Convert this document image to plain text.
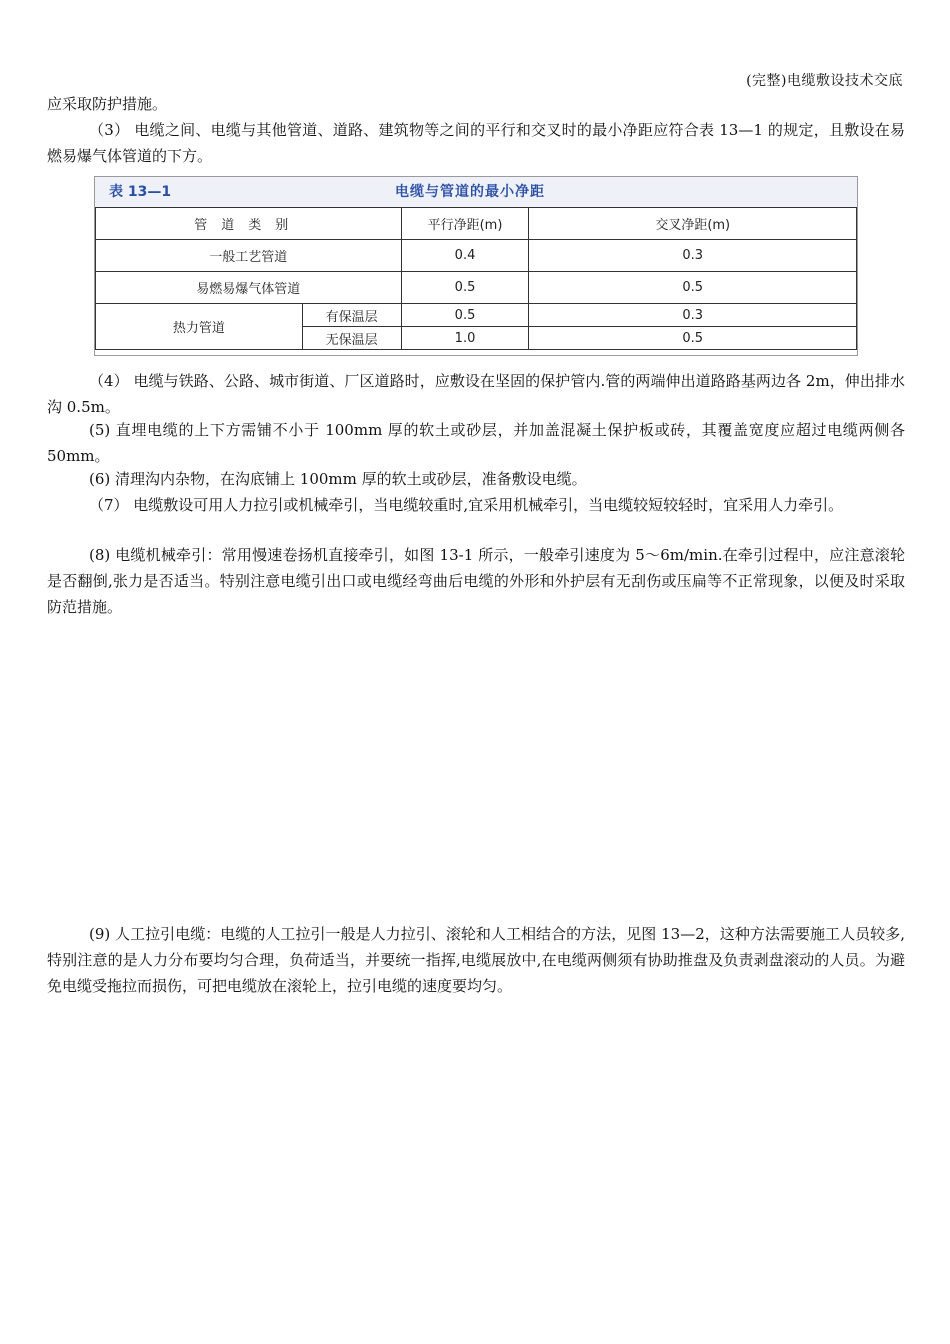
(完整)电缆敷设技术交底

应采取防护措施。

（3） 电缆之间、电缆与其他管道、道路、建筑物等之间的平行和交叉时的最小净距应符合表 13—1 的规定，且敷设在易燃易爆气体管道的下方。

表 13—1	电缆与管道的最小净距
管道类别		平行净距(m)	交叉净距(m)
一般工艺管道		0.4	0.3
易燃易爆气体管道		0.5	0.5
热力管道	有保温层	0.5	0.3
	无保温层	1.0	0.5

（4） 电缆与铁路、公路、城市街道、厂区道路时，应敷设在坚固的保护管内.管的两端伸出道路路基两边各 2m，伸出排水沟 0.5m。

(5) 直埋电缆的上下方需铺不小于 100mm 厚的软土或砂层，并加盖混凝土保护板或砖，其覆盖宽度应超过电缆两侧各 50mm。

(6) 清理沟内杂物，在沟底铺上 100mm 厚的软土或砂层，准备敷设电缆。

（7） 电缆敷设可用人力拉引或机械牵引，当电缆较重时,宜采用机械牵引，当电缆较短较轻时，宜采用人力牵引。

(8) 电缆机械牵引：常用慢速卷扬机直接牵引，如图 13-1 所示，一般牵引速度为 5～6m/min.在牵引过程中，应注意滚轮是否翻倒,张力是否适当。特别注意电缆引出口或电缆经弯曲后电缆的外形和外护层有无刮伤或压扁等不正常现象，以便及时采取防范措施。

(9) 人工拉引电缆：电缆的人工拉引一般是人力拉引、滚轮和人工相结合的方法，见图 13—2，这种方法需要施工人员较多,特别注意的是人力分布要均匀合理，负荷适当，并要统一指挥,电缆展放中,在电缆两侧须有协助推盘及负责剥盘滚动的人员。为避免电缆受拖拉而损伤，可把电缆放在滚轮上，拉引电缆的速度要均匀。
